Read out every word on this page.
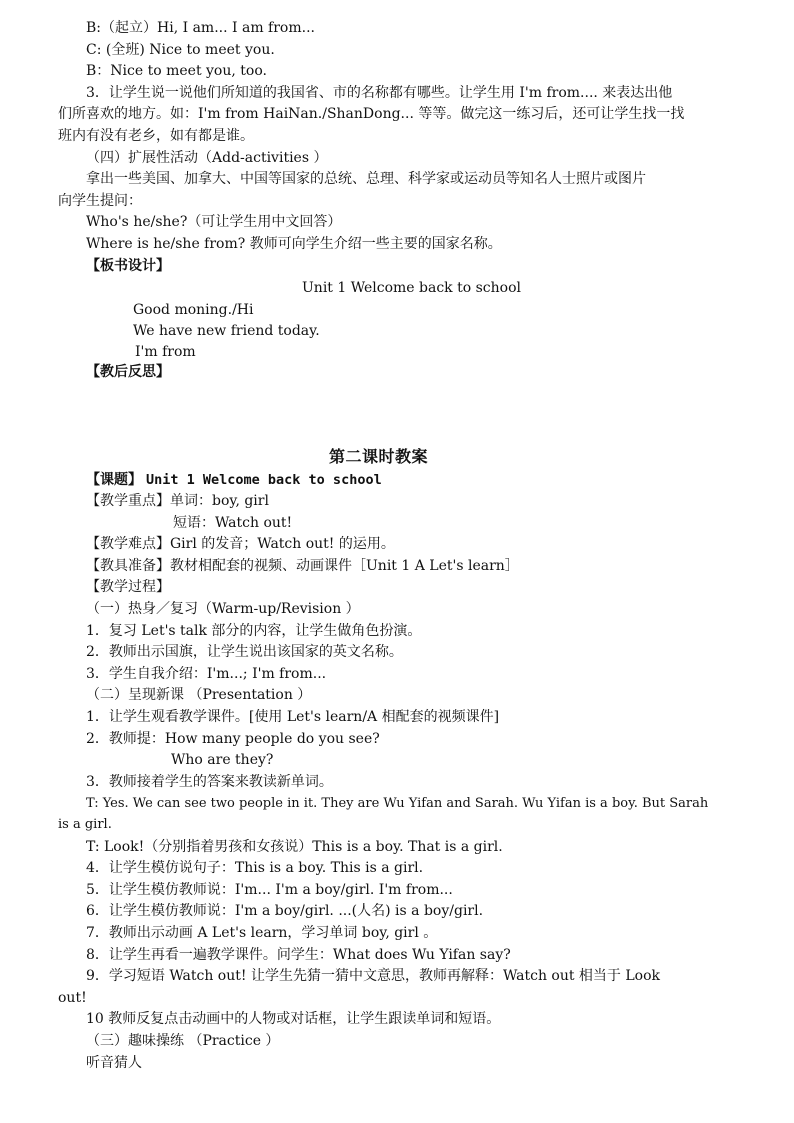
B:（起立）Hi, I am... I am from...
C: (全班) Nice to meet you.
B：Nice to meet you, too.
3．让学生说一说他们所知道的我国省、市的名称都有哪些。让学生用 I'm from.... 来表达出他
们所喜欢的地方。如：I'm from HaiNan./ShanDong... 等等。做完这一练习后，还可让学生找一找
班内有没有老乡，如有都是谁。
（四）扩展性活动（Add-activities ）
拿出一些美国、加拿大、中国等国家的总统、总理、科学家或运动员等知名人士照片或图片
向学生提问：
Who's he/she?（可让学生用中文回答）
Where is he/she from? 教师可向学生介绍一些主要的国家名称。
【板书设计】
Unit 1 Welcome back to school
Good moning./Hi
We have new friend today.
I'm from
【教后反思】
第二课时教案
【课题】 Unit 1 Welcome back to school
【教学重点】单词：boy, girl
短语：Watch out!
【教学难点】Girl 的发音；Watch out! 的运用。
【教具准备】教材相配套的视频、动画课件［Unit 1 A Let's learn］
【教学过程】
（一）热身／复习（Warm-up/Revision ）
1．复习 Let's talk 部分的内容，让学生做角色扮演。
2．教师出示国旗，让学生说出该国家的英文名称。
3．学生自我介绍：I'm...; I'm from...
（二）呈现新课 （Presentation ）
1．让学生观看教学课件。[使用 Let's learn/A 相配套的视频课件]
2．教师提：How many people do you see?
Who are they?
3．教师接着学生的答案来教读新单词。
T: Yes. We can see two people in it. They are Wu Yifan and Sarah. Wu Yifan is a boy. But Sarah
is a girl.
T: Look!（分别指着男孩和女孩说）This is a boy. That is a girl.
4．让学生模仿说句子：This is a boy. This is a girl.
5．让学生模仿教师说：I'm... I'm a boy/girl. I'm from...
6．让学生模仿教师说：I'm a boy/girl. ...(人名) is a boy/girl.
7．教师出示动画 A Let's learn，学习单词 boy, girl 。
8．让学生再看一遍教学课件。问学生：What does Wu Yifan say?
9．学习短语 Watch out! 让学生先猜一猜中文意思，教师再解释：Watch out 相当于 Look
out!
10 教师反复点击动画中的人物或对话框，让学生跟读单词和短语。
（三）趣味操练 （Practice ）
听音猜人
